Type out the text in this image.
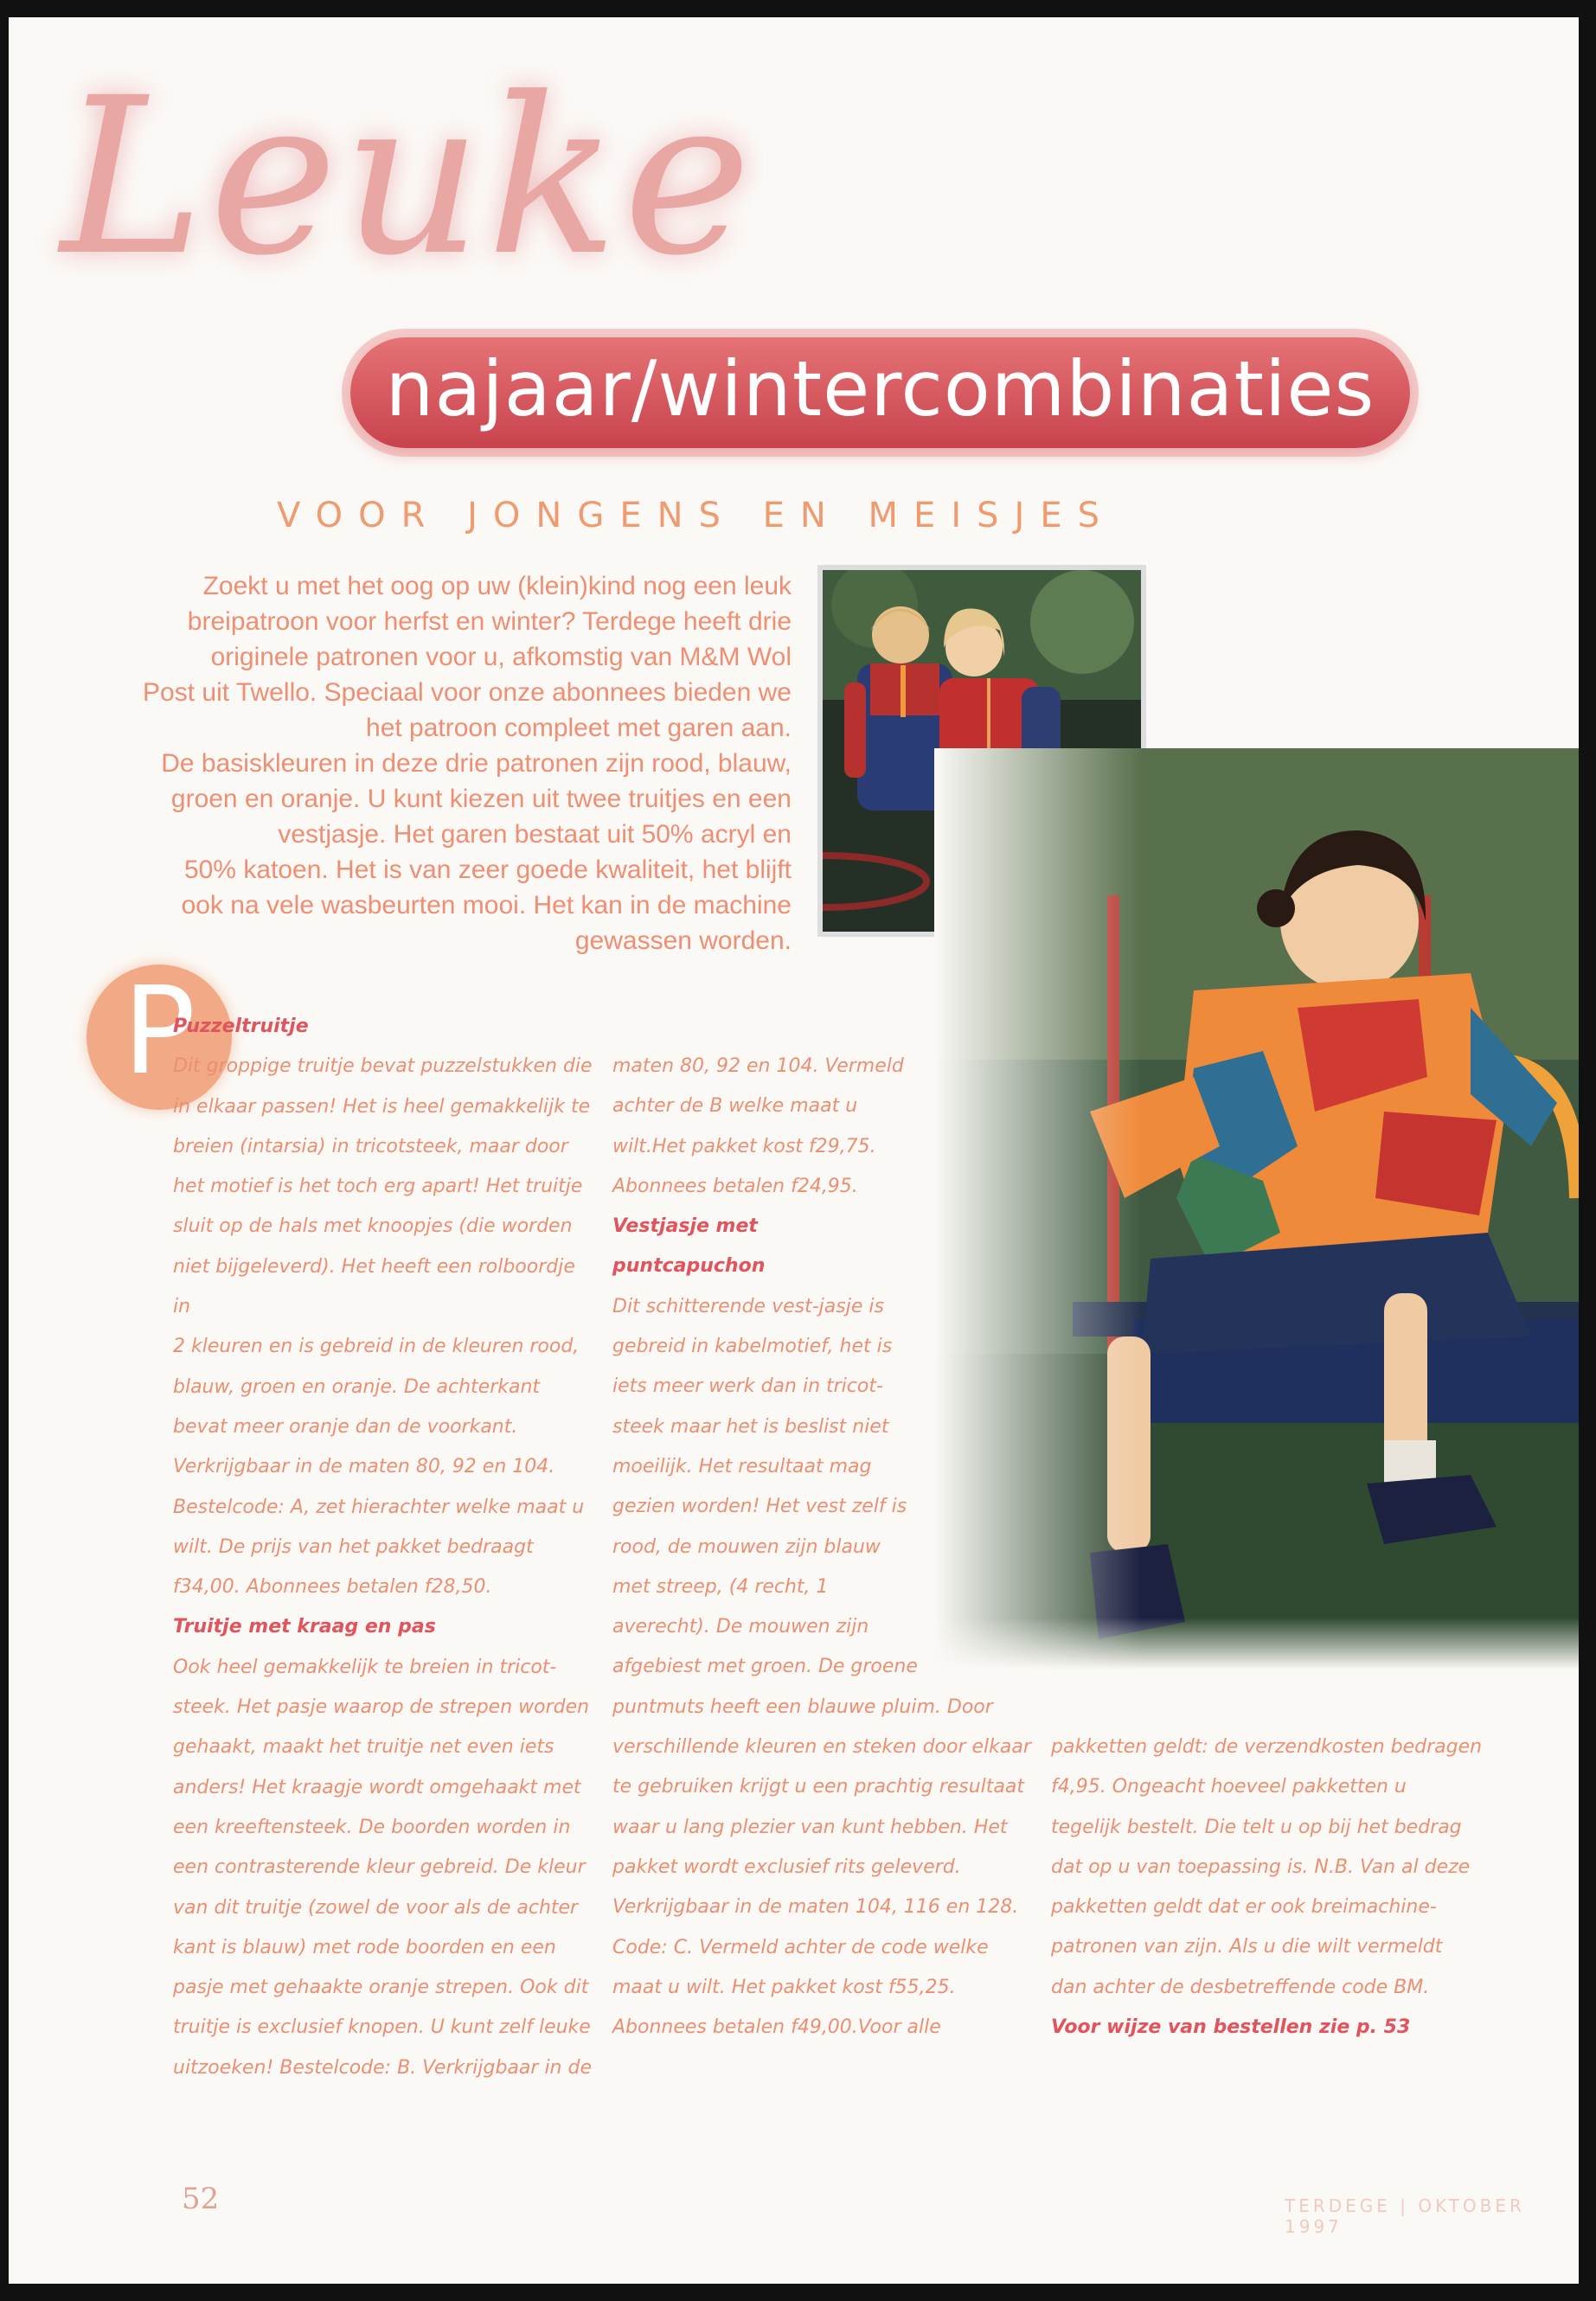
Leuke
najaar/wintercombinaties
VOOR JONGENS EN MEISJES
Zoekt u met het oog op uw (klein)kind nog een leuk
breipatroon voor herfst en winter? Terdege heeft drie
originele patronen voor u, afkomstig van M&M Wol
Post uit Twello. Speciaal voor onze abonnees bieden we
het patroon compleet met garen aan.
De basiskleuren in deze drie patronen zijn rood, blauw,
groen en oranje. U kunt kiezen uit twee truitjes en een
vestjasje. Het garen bestaat uit 50% acryl en
50% katoen. Het is van zeer goede kwaliteit, het blijft
ook na vele wasbeurten mooi. Het kan in de machine
gewassen worden.
P
Puzzeltruitje
Dit groppige truitje bevat puzzelstukken die
in elkaar passen! Het is heel gemakkelijk te
breien (intarsia) in tricotsteek, maar door
het motief is het toch erg apart! Het truitje
sluit op de hals met knoopjes (die worden
niet bijgeleverd). Het heeft een rolboordje in
2 kleuren en is gebreid in de kleuren rood,
blauw, groen en oranje. De achterkant
bevat meer oranje dan de voorkant.
Verkrijgbaar in de maten 80, 92 en 104.
Bestelcode: A, zet hierachter welke maat u
wilt. De prijs van het pakket bedraagt
f34,00. Abonnees betalen f28,50.
Truitje met kraag en pas
Ook heel gemakkelijk te breien in tricot-
steek. Het pasje waarop de strepen worden
gehaakt, maakt het truitje net even iets
anders! Het kraagje wordt omgehaakt met
een kreeftensteek. De boorden worden in
een contrasterende kleur gebreid. De kleur
van dit truitje (zowel de voor als de achter
kant is blauw) met rode boorden en een
pasje met gehaakte oranje strepen. Ook dit
truitje is exclusief knopen. U kunt zelf leuke
uitzoeken! Bestelcode: B. Verkrijgbaar in de
maten 80, 92 en 104. Vermeld
achter de B welke maat u
wilt.Het pakket kost f29,75.
Abonnees betalen f24,95.
Vestjasje met
puntcapuchon
Dit schitterende vest-jasje is
gebreid in kabelmotief, het is
iets meer werk dan in tricot-
steek maar het is beslist niet
moeilijk. Het resultaat mag
gezien worden! Het vest zelf is
rood, de mouwen zijn blauw
met streep, (4 recht, 1
averecht). De mouwen zijn
afgebiest met groen. De groene
puntmuts heeft een blauwe pluim. Door
verschillende kleuren en steken door elkaar
te gebruiken krijgt u een prachtig resultaat
waar u lang plezier van kunt hebben. Het
pakket wordt exclusief rits geleverd.
Verkrijgbaar in de maten 104, 116 en 128.
Code: C. Vermeld achter de code welke
maat u wilt. Het pakket kost f55,25.
Abonnees betalen f49,00.Voor alle
pakketten geldt: de verzendkosten bedragen
f4,95. Ongeacht hoeveel pakketten u
tegelijk bestelt. Die telt u op bij het bedrag
dat op u van toepassing is. N.B. Van al deze
pakketten geldt dat er ook breimachine-
patronen van zijn. Als u die wilt vermeldt
dan achter de desbetreffende code BM.
Voor wijze van bestellen zie p. 53
52	TERDEGE | OKTOBER 1997
